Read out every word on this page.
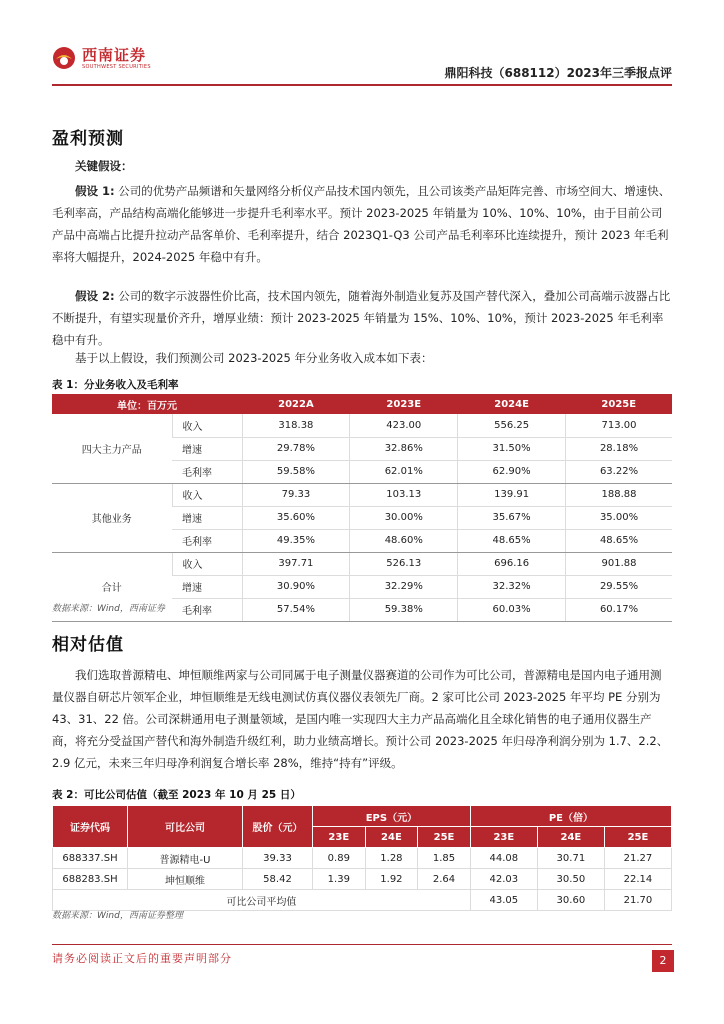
西南证券
SOUTHWEST SECURITIES	鼎阳科技（688112）2023年三季报点评
盈利预测
关键假设：
假设 1: 公司的优势产品频谱和矢量网络分析仪产品技术国内领先，且公司该类产品矩阵完善、市场空间大、增速快、毛利率高，产品结构高端化能够进一步提升毛利率水平。预计 2023-2025 年销量为 10%、10%、10%，由于目前公司产品中高端占比提升拉动产品客单价、毛利率提升，结合 2023Q1-Q3 公司产品毛利率环比连续提升，预计 2023 年毛利率将大幅提升，2024-2025 年稳中有升。
假设 2: 公司的数字示波器性价比高，技术国内领先，随着海外制造业复苏及国产替代深入，叠加公司高端示波器占比不断提升，有望实现量价齐升，增厚业绩：预计 2023-2025 年销量为 15%、10%、10%，预计 2023-2025 年毛利率稳中有升。
基于以上假设，我们预测公司 2023-2025 年分业务收入成本如下表：
表 1：分业务收入及毛利率
单位：百万元		2022A	2023E	2024E	2025E
四大主力产品	收入	318.38	423.00	556.25	713.00
	增速	29.78%	32.86%	31.50%	28.18%
	毛利率	59.58%	62.01%	62.90%	63.22%
其他业务	收入	79.33	103.13	139.91	188.88
	增速	35.60%	30.00%	35.67%	35.00%
	毛利率	49.35%	48.60%	48.65%	48.65%
合计	收入	397.71	526.13	696.16	901.88
	增速	30.90%	32.29%	32.32%	29.55%
	毛利率	57.54%	59.38%	60.03%	60.17%
数据来源：Wind，西南证券
相对估值
我们选取普源精电、坤恒顺维两家与公司同属于电子测量仪器赛道的公司作为可比公司，普源精电是国内电子通用测量仪器自研芯片领军企业，坤恒顺维是无线电测试仿真仪器仪表领先厂商。2 家可比公司 2023-2025 年平均 PE 分别为 43、31、22 倍。公司深耕通用电子测量领域，是国内唯一实现四大主力产品高端化且全球化销售的电子通用仪器生产商，将充分受益国产替代和海外制造升级红利，助力业绩高增长。预计公司 2023-2025 年归母净利润分别为 1.7、2.2、2.9 亿元，未来三年归母净利润复合增长率 28%，维持“持有”评级。
表 2：可比公司估值（截至 2023 年 10 月 25 日）
证券代码	可比公司	股价（元）	EPS（元）			PE（倍）		
			23E	24E	25E	23E	24E	25E
688337.SH	普源精电-U	39.33	0.89	1.28	1.85	44.08	30.71	21.27
688283.SH	坤恒顺维	58.42	1.39	1.92	2.64	42.03	30.50	22.14
可比公司平均值						43.05	30.60	21.70
数据来源：Wind，西南证券整理
请务必阅读正文后的重要声明部分	2
